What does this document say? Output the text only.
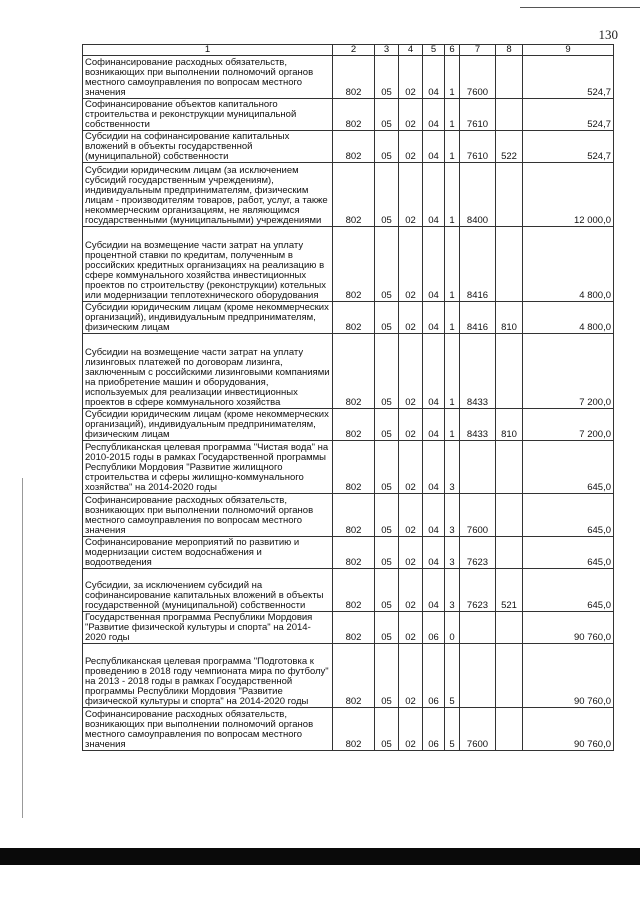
130
1	2	3	4	5	6	7	8	9
Софинансирование расходных обязательств, возникающих при выполнении полномочий органов местного самоуправления по вопросам местного значения	802	05	02	04	1	7600		524,7
Софинансирование объектов капитального строительства и реконструкции муниципальной собственности	802	05	02	04	1	7610		524,7
Субсидии на софинансирование капитальных вложений в объекты государственной (муниципальной) собственности	802	05	02	04	1	7610	522	524,7
Субсидии юридическим лицам (за исключением субсидий государственным учреждениям), индивидуальным предпринимателям, физическим лицам - производителям товаров, работ, услуг, а также некоммерческим организациям, не являющимся государственными (муниципальными) учреждениями	802	05	02	04	1	8400		12 000,0
Субсидии на возмещение части затрат на уплату процентной ставки по кредитам, полученным в российских кредитных организациях на реализацию в сфере коммунального хозяйства инвестиционных проектов по строительству (реконструкции) котельных или модернизации теплотехнического оборудования	802	05	02	04	1	8416		4 800,0
Субсидии юридическим лицам (кроме некоммерческих организаций), индивидуальным предпринимателям, физическим лицам	802	05	02	04	1	8416	810	4 800,0
Субсидии на возмещение части затрат на уплату лизинговых платежей по договорам лизинга, заключенным с российскими лизинговыми компаниями на приобретение машин и оборудования, используемых для реализации инвестиционных проектов в сфере коммунального хозяйства	802	05	02	04	1	8433		7 200,0
Субсидии юридическим лицам (кроме некоммерческих организаций), индивидуальным предпринимателям, физическим лицам	802	05	02	04	1	8433	810	7 200,0
Республиканская целевая программа "Чистая вода" на 2010-2015 годы в рамках Государственной программы Республики Мордовия "Развитие жилищного строительства и сферы жилищно-коммунального хозяйства" на 2014-2020 годы	802	05	02	04	3			645,0
Софинансирование расходных обязательств, возникающих при выполнении полномочий органов местного самоуправления по вопросам местного значения	802	05	02	04	3	7600		645,0
Софинансирование мероприятий по развитию и модернизации систем водоснабжения и водоотведения	802	05	02	04	3	7623		645,0
Субсидии, за исключением субсидий на софинансирование капитальных вложений в объекты государственной (муниципальной) собственности	802	05	02	04	3	7623	521	645,0
Государственная программа Республики Мордовия "Развитие физической культуры и спорта" на 2014-2020 годы	802	05	02	06	0			90 760,0
Республиканская целевая программа "Подготовка к проведению в 2018 году чемпионата мира по футболу" на 2013 - 2018 годы в рамках Государственной программы Республики Мордовия "Развитие физической культуры и спорта" на 2014-2020 годы	802	05	02	06	5			90 760,0
Софинансирование расходных обязательств, возникающих при выполнении полномочий органов местного самоуправления по вопросам местного значения	802	05	02	06	5	7600		90 760,0
